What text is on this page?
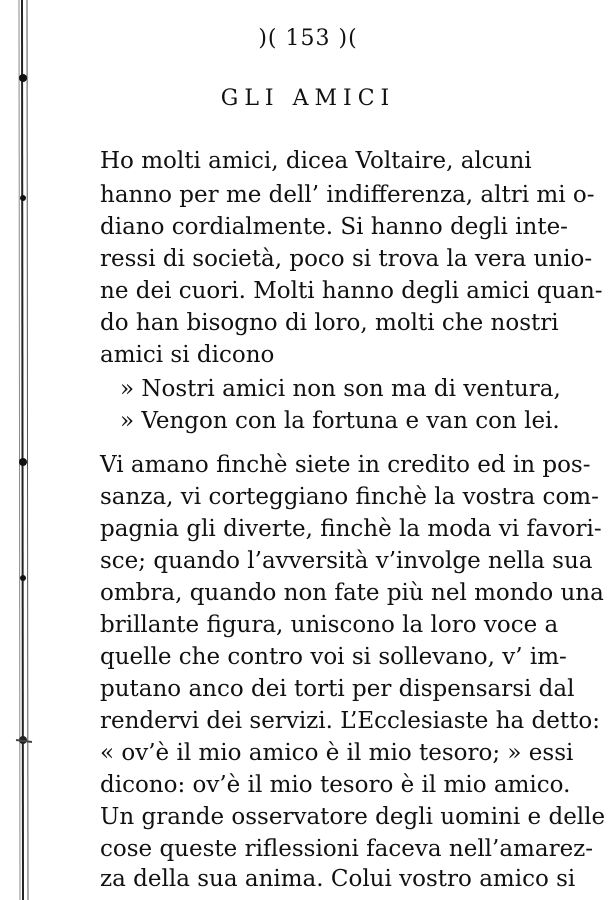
)( 153 )(
GLI AMICI
Ho molti amici, dicea Voltaire, alcuni
hanno per me dell’ indifferenza, altri mi o-
diano cordialmente. Si hanno degli inte-
ressi di società, poco si trova la vera unio-
ne dei cuori. Molti hanno degli amici quan-
do han bisogno di loro, molti che nostri
amici si dicono
» Nostri amici non son ma di ventura,
» Vengon con la fortuna e van con lei.
Vi amano finchè siete in credito ed in pos-
sanza, vi corteggiano finchè la vostra com-
pagnia gli diverte, finchè la moda vi favori-
sce; quando l’avversità v’involge nella sua
ombra, quando non fate più nel mondo una
brillante figura, uniscono la loro voce a
quelle che contro voi si sollevano, v’ im-
putano anco dei torti per dispensarsi dal
rendervi dei servizi. L’Ecclesiaste ha detto:
« ov’è il mio amico è il mio tesoro; » essi
dicono: ov’è il mio tesoro è il mio amico.
Un grande osservatore degli uomini e delle
cose queste riflessioni faceva nell’amarez-
za della sua anima. Colui vostro amico si
